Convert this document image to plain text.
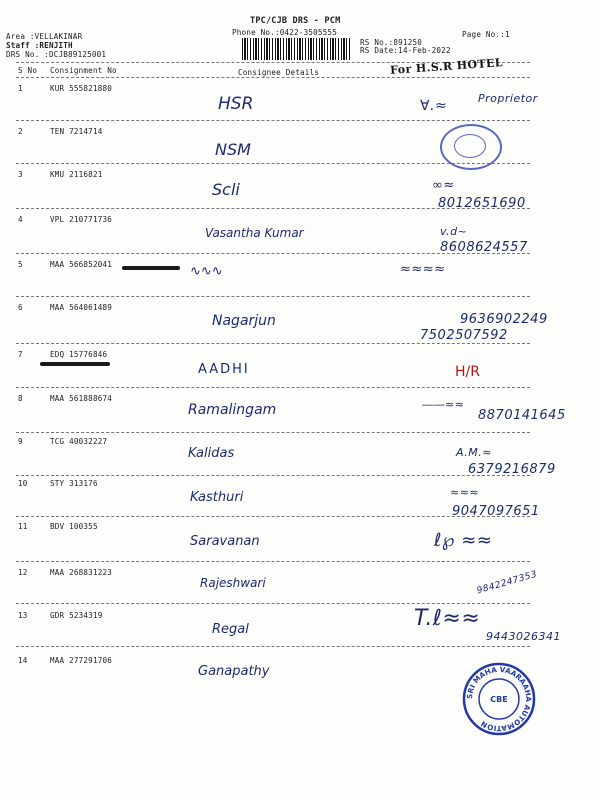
TPC/CJB DRS - PCM
Phone No.:0422-3505555
Area :VELLAKINAR
Staff :RENJITH
DRS No. :DCJB89125001
RS No.:891250
RS Date:14-Feb-2022
Page No.:1
S No Consignment No	Consignee Details	For H.S.R HOTEL
1	KUR 555821880
HSR	∀.≈	Proprietor
2	TEN 7214714
NSM
3	KMU 2116821
Scli	∞≈
8012651690
4	VPL 210771736
Vasantha Kumar	v.d~
8608624557
5	MAA 566852041	∿∿∿	≈≈≈≈
6	MAA 564061489
Nagarjun	9636902249
7502507592
7	EDQ 15776846
AADHI	H/R
8	MAA 561888674
Ramalingam	――≈≈
8870141645
9	TCG 40032227
Kalidas	A.M.≈
6379216879
10	STY 313176
Kasthuri	≈≈≈
9047097651
11	BDV 100355
Saravanan	ℓ℘ ≈≈
12	MAA 268831223
Rajeshwari	9842247353
13	GDR 5234319
Regal	T.ℓ≈≈
9443026341
14	MAA 277291706
Ganapathy
SRI MAHA VAARAAHA AUTOMATION
CBE
